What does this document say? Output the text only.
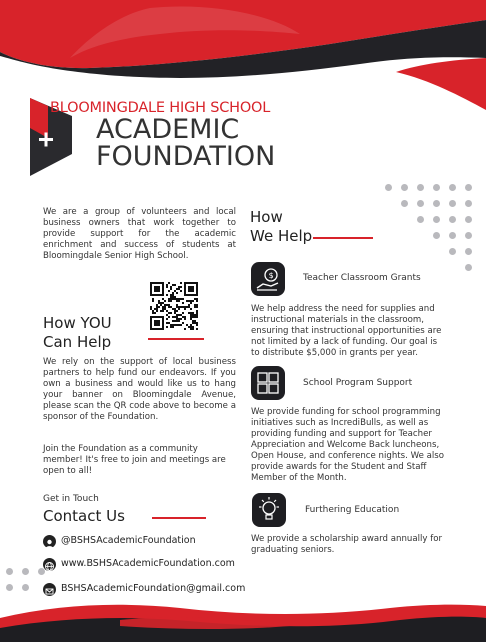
BLOOMINGDALE HIGH SCHOOL
ACADEMIC
FOUNDATION
We are a group of volunteers and local business owners that work together to provide support for the academic enrichment and success of students at Bloomingdale Senior High School.
How
We Help
How YOU
Can Help
We rely on the support of local business partners to help fund our endeavors. If you own a business and would like us to hang your banner on Bloomingdale Avenue, please scan the QR code above to become a sponsor of the Foundation.
Join the Foundation as a community member! It's free to join and meetings are open to all!
$	Teacher Classroom Grants
We help address the need for supplies and instructional materials in the classroom, ensuring that instructional opportunities are not limited by a lack of funding. Our goal is to distribute $5,000 in grants per year.
School Program Support
We provide funding for school programming initiatives such as IncrediBulls, as well as providing funding and support for Teacher Appreciation and Welcome Back luncheons, Open House, and conference nights. We also provide awards for the Student and Staff Member of the Month.
Furthering Education
We provide a scholarship award annually for graduating seniors.
Get in Touch
Contact Us
@BSHSAcademicFoundation
www.BSHSAcademicFoundation.com
BSHSAcademicFoundation@gmail.com
